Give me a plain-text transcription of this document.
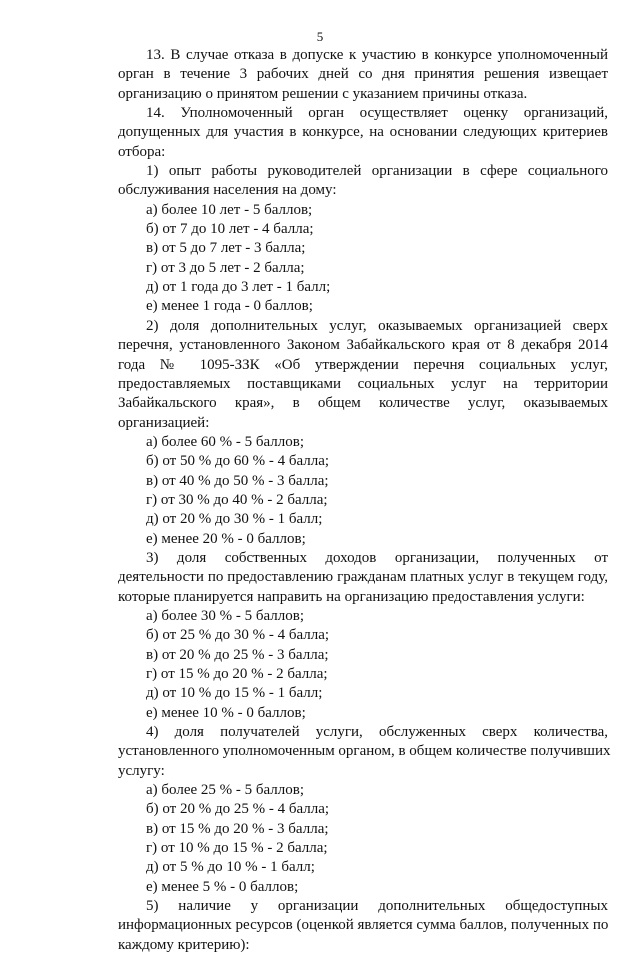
5
13. В случае отказа в допуске к участию в конкурсе уполномоченный
орган в течение 3 рабочих дней со дня принятия решения извещает
организацию о принятом решении с указанием причины отказа.
14. Уполномоченный орган осуществляет оценку организаций,
допущенных для участия в конкурсе, на основании следующих критериев
отбора:
1) опыт работы руководителей организации в сфере социального
обслуживания населения на дому:
а) более 10 лет - 5 баллов;
б) от 7 до 10 лет - 4 балла;
в) от 5 до 7 лет - 3 балла;
г) от 3 до 5 лет - 2 балла;
д) от 1 года до 3 лет - 1 балл;
е) менее 1 года - 0 баллов;
2) доля дополнительных услуг, оказываемых организацией сверх
перечня, установленного Законом Забайкальского края от 8 декабря 2014
года № 1095-ЗЗК «Об утверждении перечня социальных услуг,
предоставляемых поставщиками социальных услуг на территории
Забайкальского края», в общем количестве услуг, оказываемых
организацией:
а) более 60 % - 5 баллов;
б) от 50 % до 60 % - 4 балла;
в) от 40 % до 50 % - 3 балла;
г) от 30 % до 40 % - 2 балла;
д) от 20 % до 30 % - 1 балл;
е) менее 20 % - 0 баллов;
3) доля собственных доходов организации, полученных от
деятельности по предоставлению гражданам платных услуг в текущем году,
которые планируется направить на организацию предоставления услуги:
а) более 30 % - 5 баллов;
б) от 25 % до 30 % - 4 балла;
в) от 20 % до 25 % - 3 балла;
г) от 15 % до 20 % - 2 балла;
д) от 10 % до 15 % - 1 балл;
е) менее 10 % - 0 баллов;
4) доля получателей услуги, обслуженных сверх количества,
установленного уполномоченным органом, в общем количестве получивших
услугу:
а) более 25 % - 5 баллов;
б) от 20 % до 25 % - 4 балла;
в) от 15 % до 20 % - 3 балла;
г) от 10 % до 15 % - 2 балла;
д) от 5 % до 10 % - 1 балл;
е) менее 5 % - 0 баллов;
5) наличие у организации дополнительных общедоступных
информационных ресурсов (оценкой является сумма баллов, полученных по
каждому критерию):
